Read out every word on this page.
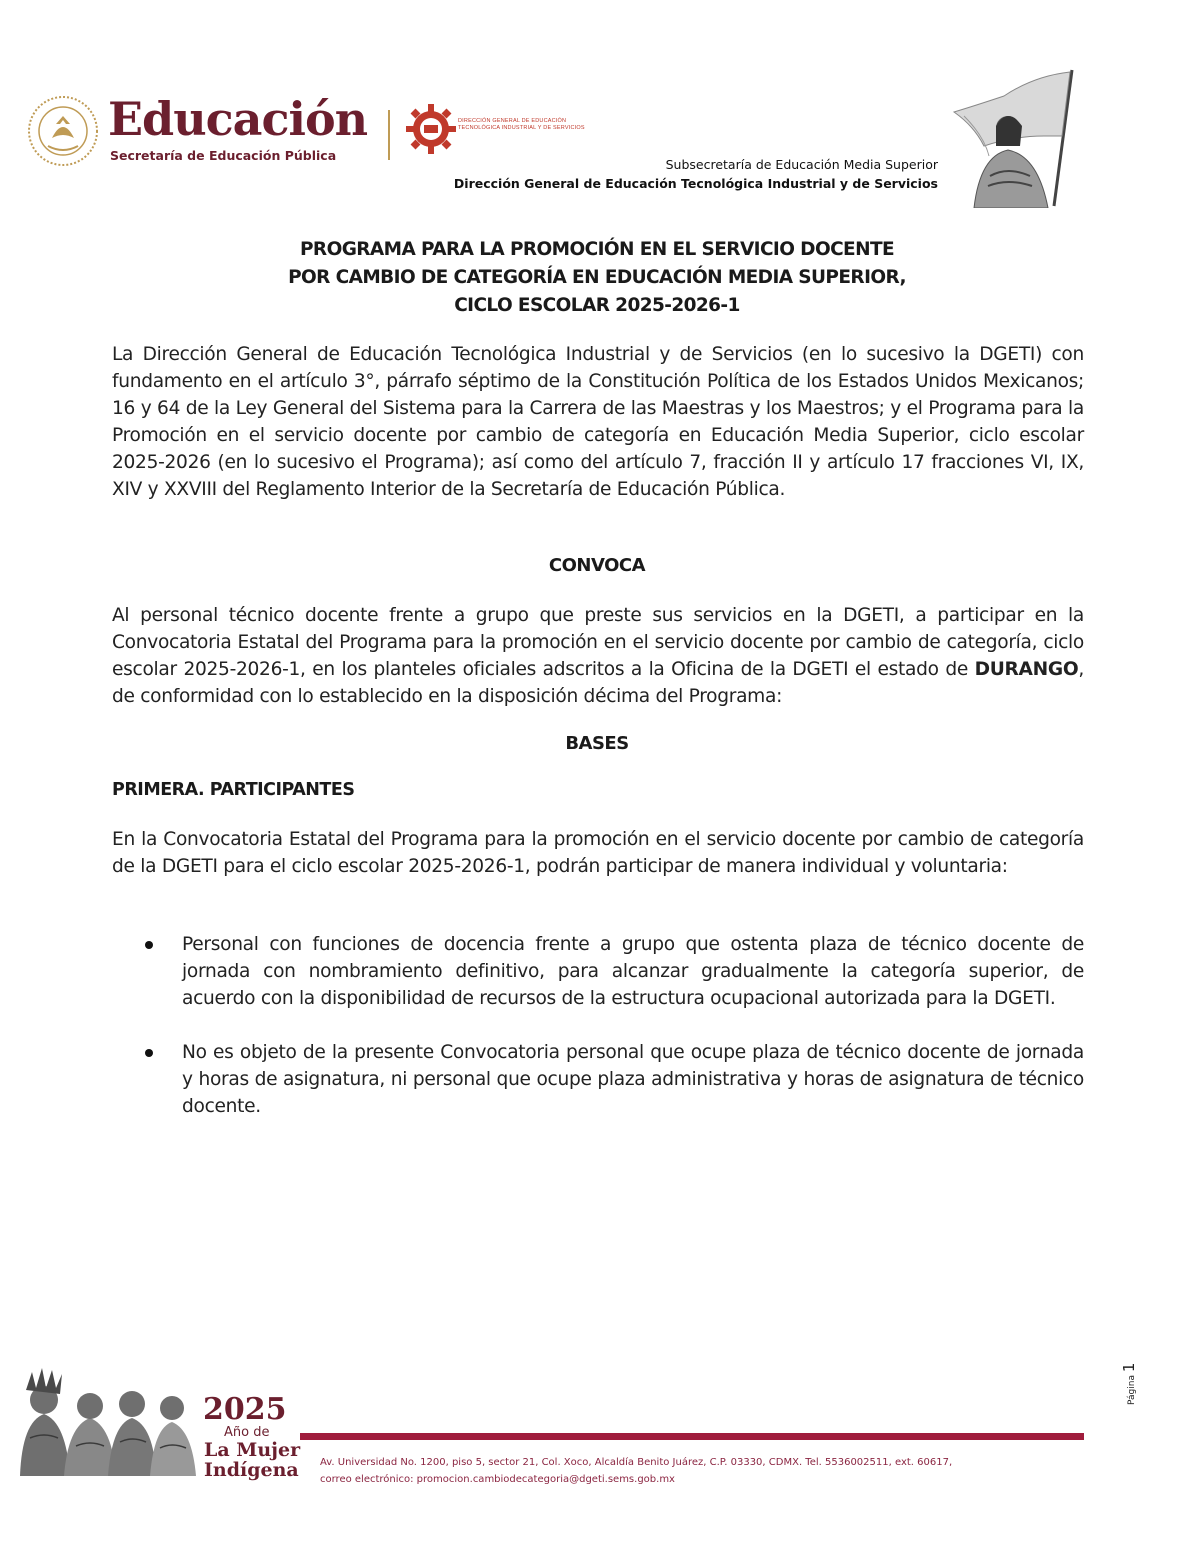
Educación
Secretaría de Educación Pública
DIRECCIÓN GENERAL DE EDUCACIÓN TECNOLÓGICA INDUSTRIAL Y DE SERVICIOS
Subsecretaría de Educación Media Superior
Dirección General de Educación Tecnológica Industrial y de Servicios
PROGRAMA PARA LA PROMOCIÓN EN EL SERVICIO DOCENTE
POR CAMBIO DE CATEGORÍA EN EDUCACIÓN MEDIA SUPERIOR,
CICLO ESCOLAR 2025-2026-1
La Dirección General de Educación Tecnológica Industrial y de Servicios (en lo sucesivo la DGETI) con fundamento en el artículo 3°, párrafo séptimo de la Constitución Política de los Estados Unidos Mexicanos; 16 y 64 de la Ley General del Sistema para la Carrera de las Maestras y los Maestros; y el Programa para la Promoción en el servicio docente por cambio de categoría en Educación Media Superior, ciclo escolar 2025-2026 (en lo sucesivo el Programa); así como del artículo 7, fracción II y artículo 17 fracciones VI, IX, XIV y XXVIII del Reglamento Interior de la Secretaría de Educación Pública.
CONVOCA
Al personal técnico docente frente a grupo que preste sus servicios en la DGETI, a participar en la Convocatoria Estatal del Programa para la promoción en el servicio docente por cambio de categoría, ciclo escolar 2025-2026-1, en los planteles oficiales adscritos a la Oficina de la DGETI el estado de DURANGO, de conformidad con lo establecido en la disposición décima del Programa:
BASES
PRIMERA. PARTICIPANTES
En la Convocatoria Estatal del Programa para la promoción en el servicio docente por cambio de categoría de la DGETI para el ciclo escolar 2025-2026-1, podrán participar de manera individual y voluntaria:
Personal con funciones de docencia frente a grupo que ostenta plaza de técnico docente de jornada con nombramiento definitivo, para alcanzar gradualmente la categoría superior, de acuerdo con la disponibilidad de recursos de la estructura ocupacional autorizada para la DGETI.
No es objeto de la presente Convocatoria personal que ocupe plaza de técnico docente de jornada y horas de asignatura, ni personal que ocupe plaza administrativa y horas de asignatura de técnico docente.
2025
Año de
La Mujer
Indígena Av. Universidad No. 1200, piso 5, sector 21, Col. Xoco, Alcaldía Benito Juárez, C.P. 03330, CDMX. Tel. 5536002511, ext. 60617,
correo electrónico: promocion.cambiodecategoria@dgeti.sems.gob.mx
Página 1
